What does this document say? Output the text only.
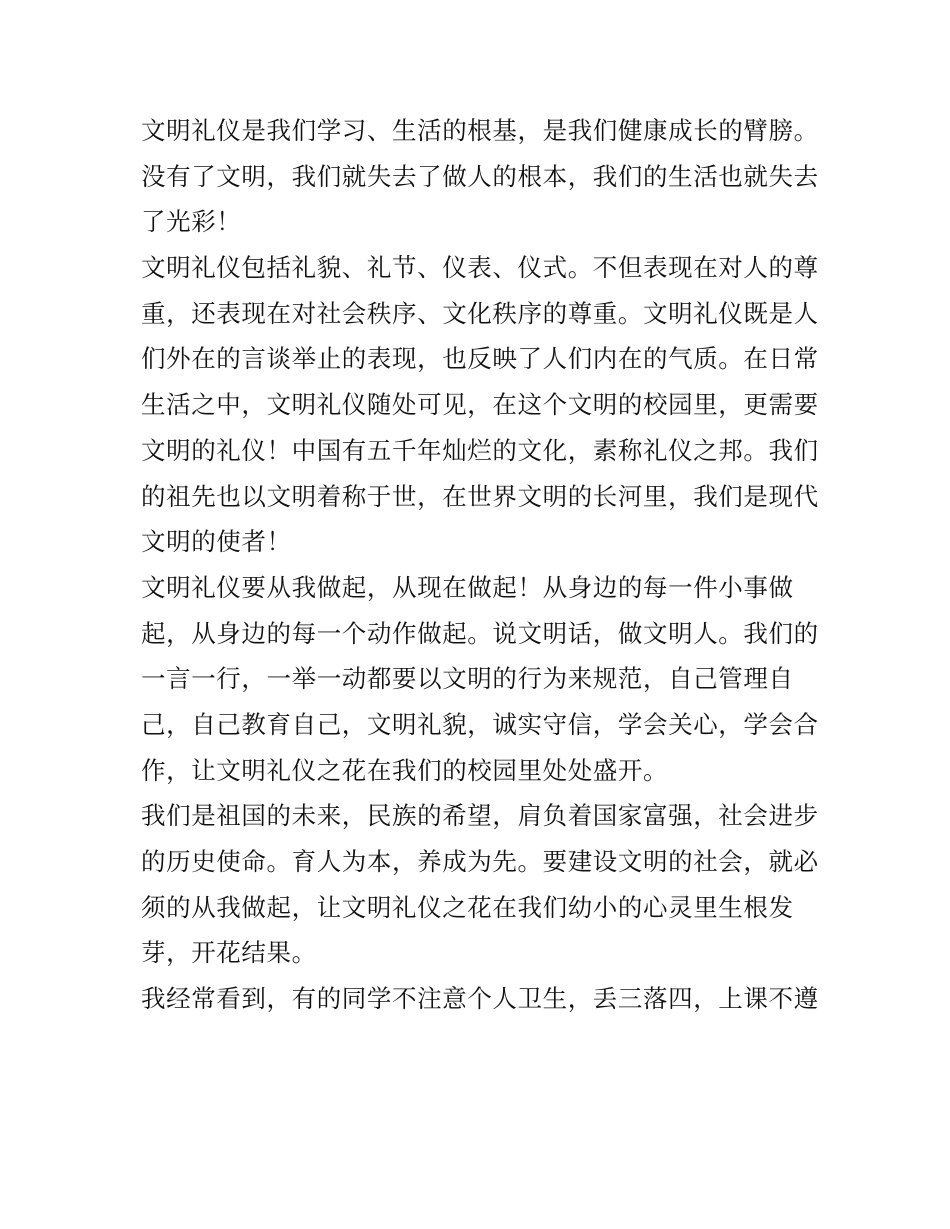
文明礼仪是我们学习、生活的根基，是我们健康成长的臂膀。
没有了文明，我们就失去了做人的根本，我们的生活也就失去
了光彩！
文明礼仪包括礼貌、礼节、仪表、仪式。不但表现在对人的尊
重，还表现在对社会秩序、文化秩序的尊重。文明礼仪既是人
们外在的言谈举止的表现，也反映了人们内在的气质。在日常
生活之中，文明礼仪随处可见，在这个文明的校园里，更需要
文明的礼仪！中国有五千年灿烂的文化，素称礼仪之邦。我们
的祖先也以文明着称于世，在世界文明的长河里，我们是现代
文明的使者！
文明礼仪要从我做起，从现在做起！从身边的每一件小事做
起，从身边的每一个动作做起。说文明话，做文明人。我们的
一言一行，一举一动都要以文明的行为来规范，自己管理自
己，自己教育自己，文明礼貌，诚实守信，学会关心，学会合
作，让文明礼仪之花在我们的校园里处处盛开。
我们是祖国的未来，民族的希望，肩负着国家富强，社会进步
的历史使命。育人为本，养成为先。要建设文明的社会，就必
须的从我做起，让文明礼仪之花在我们幼小的心灵里生根发
芽，开花结果。
我经常看到，有的同学不注意个人卫生，丢三落四，上课不遵
